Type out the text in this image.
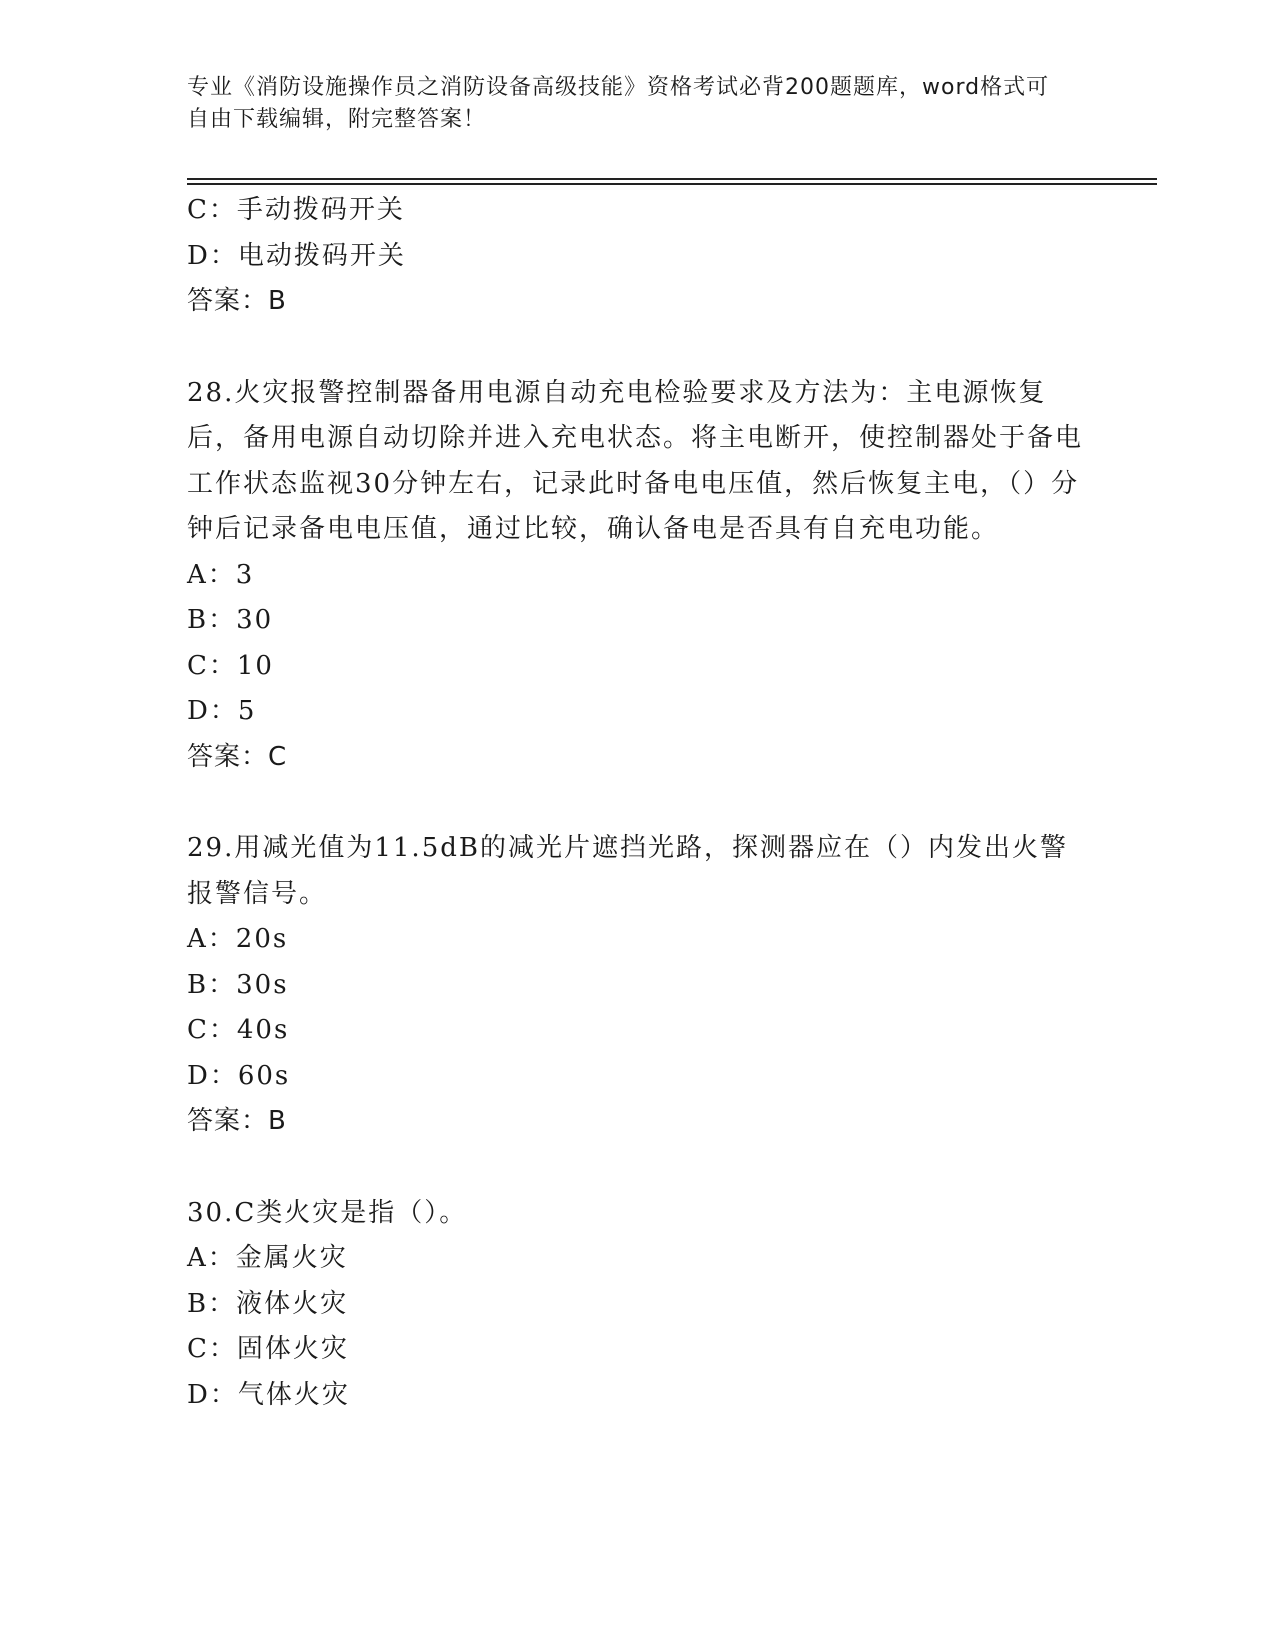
专业《消防设施操作员之消防设备高级技能》资格考试必背200题题库，word格式可自由下载编辑，附完整答案！
C：手动拨码开关
D：电动拨码开关
答案：B
28.火灾报警控制器备用电源自动充电检验要求及方法为：主电源恢复后，备用电源自动切除并进入充电状态。将主电断开，使控制器处于备电工作状态监视30分钟左右，记录此时备电电压值，然后恢复主电，（）分钟后记录备电电压值，通过比较，确认备电是否具有自充电功能。
A：3
B：30
C：10
D：5
答案：C
29.用减光值为11.5dB的减光片遮挡光路，探测器应在（）内发出火警报警信号。
A：20s
B：30s
C：40s
D：60s
答案：B
30.C类火灾是指（）。
A：金属火灾
B：液体火灾
C：固体火灾
D：气体火灾
